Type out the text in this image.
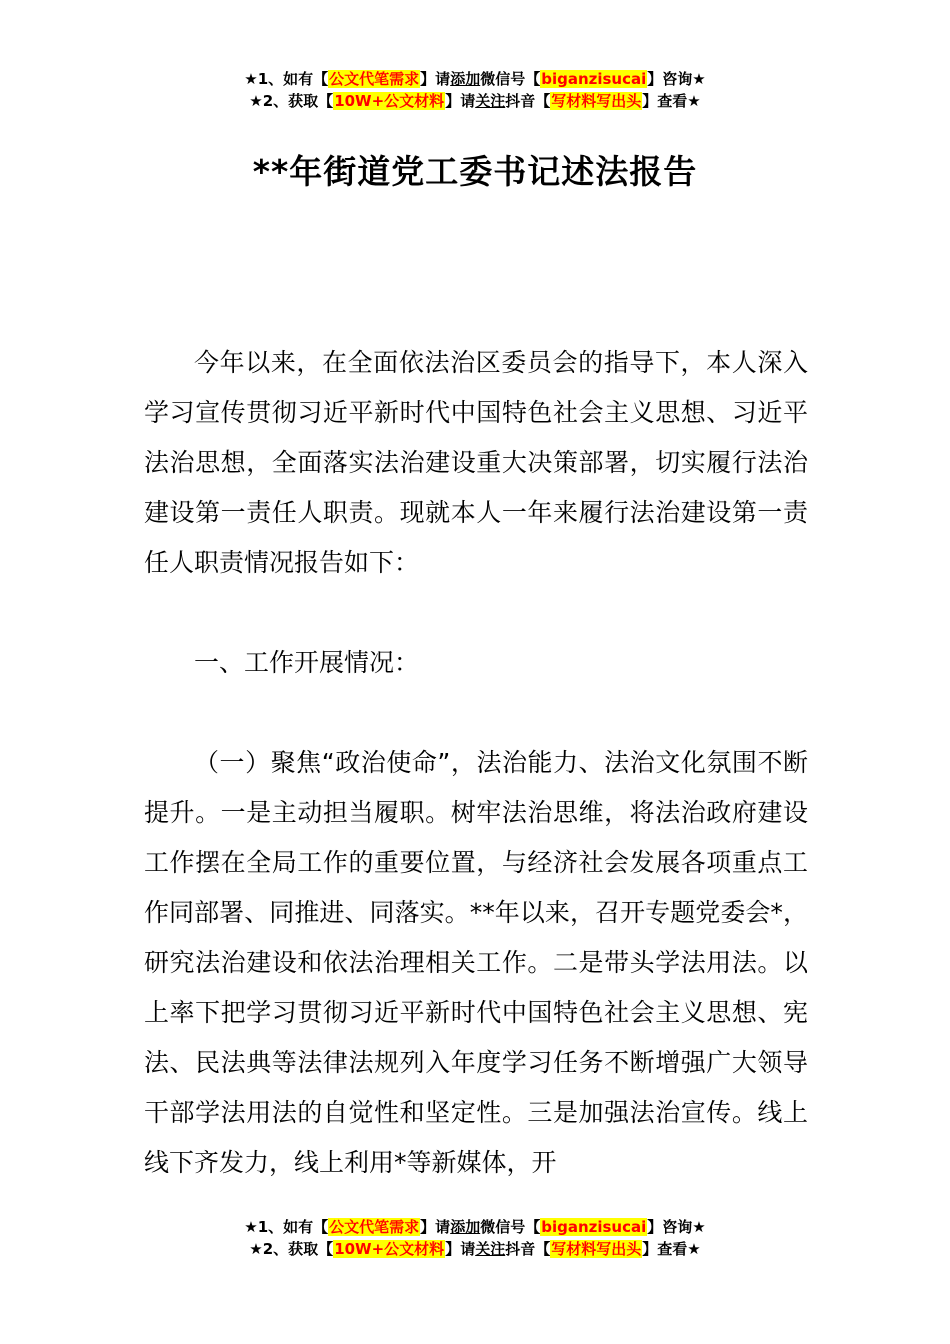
★1、如有【公文代笔需求】请添加微信号【biganzisucai】咨询★
★2、获取【10W+公文材料】请关注抖音【写材料写出头】查看★
**年街道党工委书记述法报告

今年以来，在全面依法治区委员会的指导下，本人深入学习宣传贯彻习近平新时代中国特色社会主义思想、习近平法治思想，全面落实法治建设重大决策部署，切实履行法治建设第一责任人职责。现就本人一年来履行法治建设第一责任人职责情况报告如下：

一、工作开展情况：

（一）聚焦“政治使命”，法治能力、法治文化氛围不断提升。一是主动担当履职。树牢法治思维，将法治政府建设工作摆在全局工作的重要位置，与经济社会发展各项重点工作同部署、同推进、同落实。**年以来，召开专题党委会*，研究法治建设和依法治理相关工作。二是带头学法用法。以上率下把学习贯彻习近平新时代中国特色社会主义思想、宪法、民法典等法律法规列入年度学习任务不断增强广大领导干部学法用法的自觉性和坚定性。三是加强法治宣传。线上线下齐发力，线上利用*等新媒体，开

★1、如有【公文代笔需求】请添加微信号【biganzisucai】咨询★
★2、获取【10W+公文材料】请关注抖音【写材料写出头】查看★
